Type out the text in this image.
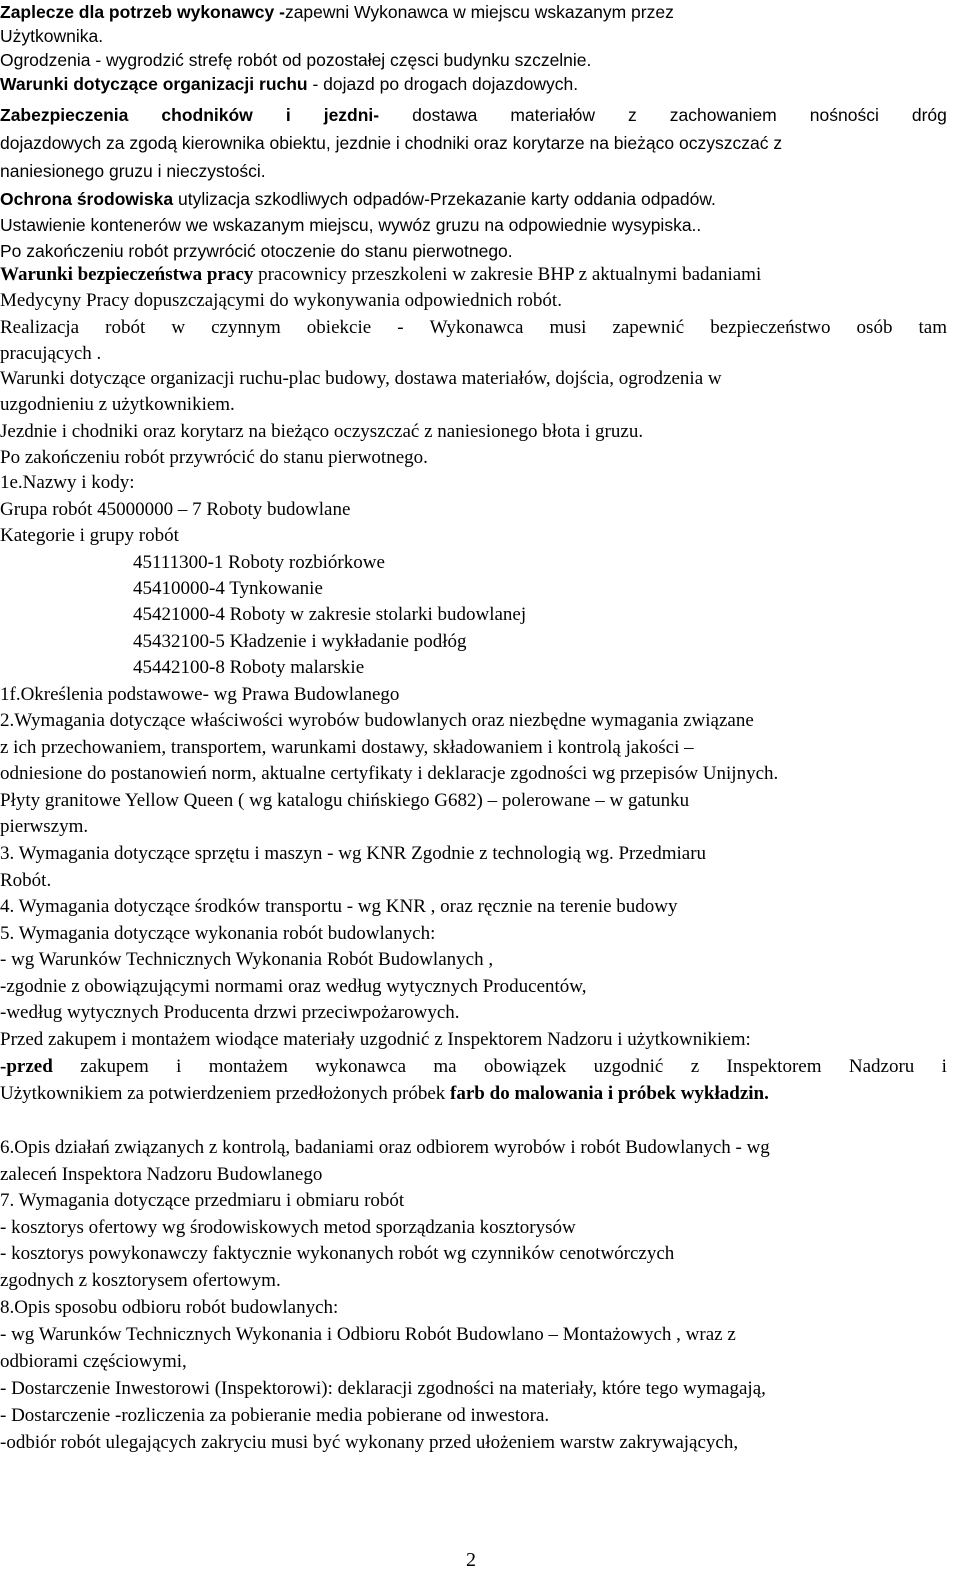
Zaplecze dla potrzeb wykonawcy -zapewni Wykonawca w miejscu wskazanym przez
Użytkownika.
Ogrodzenia - wygrodzić strefę robót od pozostałej częsci budynku szczelnie.
Warunki dotyczące organizacji ruchu - dojazd po drogach dojazdowych.
Zabezpieczenia chodników i jezdni- dostawa materiałów z zachowaniem nośności dróg
dojazdowych za zgodą kierownika obiektu, jezdnie i chodniki oraz korytarze na bieżąco oczyszczać z
naniesionego gruzu i nieczystości.
Ochrona środowiska utylizacja szkodliwych odpadów-Przekazanie karty oddania odpadów.
Ustawienie kontenerów we wskazanym miejscu, wywóz gruzu na odpowiednie wysypiska..
Po zakończeniu robót przywrócić otoczenie do stanu pierwotnego.
Warunki bezpieczeństwa pracy pracownicy przeszkoleni w zakresie BHP z aktualnymi badaniami
Medycyny Pracy dopuszczającymi do wykonywania odpowiednich robót.
Realizacja robót w czynnym obiekcie - Wykonawca musi zapewnić bezpieczeństwo osób tam
pracujących .
Warunki dotyczące organizacji ruchu-plac budowy, dostawa materiałów, dojścia, ogrodzenia w
uzgodnieniu z użytkownikiem.
Jezdnie i chodniki oraz korytarz na bieżąco oczyszczać z naniesionego błota i gruzu.
Po zakończeniu robót przywrócić do stanu pierwotnego.
1e.Nazwy i kody:
Grupa robót 45000000 – 7 Roboty budowlane
Kategorie i grupy robót
45111300-1 Roboty rozbiórkowe
45410000-4 Tynkowanie
45421000-4 Roboty w zakresie stolarki budowlanej
45432100-5 Kładzenie i wykładanie podłóg
45442100-8 Roboty malarskie
1f.Określenia podstawowe- wg Prawa Budowlanego
2.Wymagania dotyczące właściwości wyrobów budowlanych oraz niezbędne wymagania związane
z ich przechowaniem, transportem, warunkami dostawy, składowaniem i kontrolą jakości –
odniesione do postanowień norm, aktualne certyfikaty i deklaracje zgodności wg przepisów Unijnych.
Płyty granitowe Yellow Queen ( wg katalogu chińskiego G682) – polerowane – w gatunku
pierwszym.
3. Wymagania dotyczące sprzętu i maszyn - wg KNR Zgodnie z technologią wg. Przedmiaru
Robót.
4. Wymagania dotyczące środków transportu - wg KNR , oraz ręcznie na terenie budowy
5. Wymagania dotyczące wykonania robót budowlanych:
- wg Warunków Technicznych Wykonania Robót Budowlanych ,
-zgodnie z obowiązującymi normami oraz według wytycznych Producentów,
-według wytycznych Producenta drzwi przeciwpożarowych.
Przed zakupem i montażem wiodące materiały uzgodnić z Inspektorem Nadzoru i użytkownikiem:
-przed zakupem i montażem wykonawca ma obowiązek uzgodnić z Inspektorem Nadzoru i
Użytkownikiem za potwierdzeniem przedłożonych próbek farb do malowania i próbek wykładzin.
6.Opis działań związanych z kontrolą, badaniami oraz odbiorem wyrobów i robót Budowlanych - wg
zaleceń Inspektora Nadzoru Budowlanego
7. Wymagania dotyczące przedmiaru i obmiaru robót
- kosztorys ofertowy wg środowiskowych metod sporządzania kosztorysów
- kosztorys powykonawczy faktycznie wykonanych robót wg czynników cenotwórczych
zgodnych z kosztorysem ofertowym.
8.Opis sposobu odbioru robót budowlanych:
- wg Warunków Technicznych Wykonania i Odbioru Robót Budowlano – Montażowych , wraz z
odbiorami częściowymi,
- Dostarczenie Inwestorowi (Inspektorowi): deklaracji zgodności na materiały, które tego wymagają,
- Dostarczenie -rozliczenia za pobieranie media pobierane od inwestora.
-odbiór robót ulegających zakryciu musi być wykonany przed ułożeniem warstw zakrywających,
2
